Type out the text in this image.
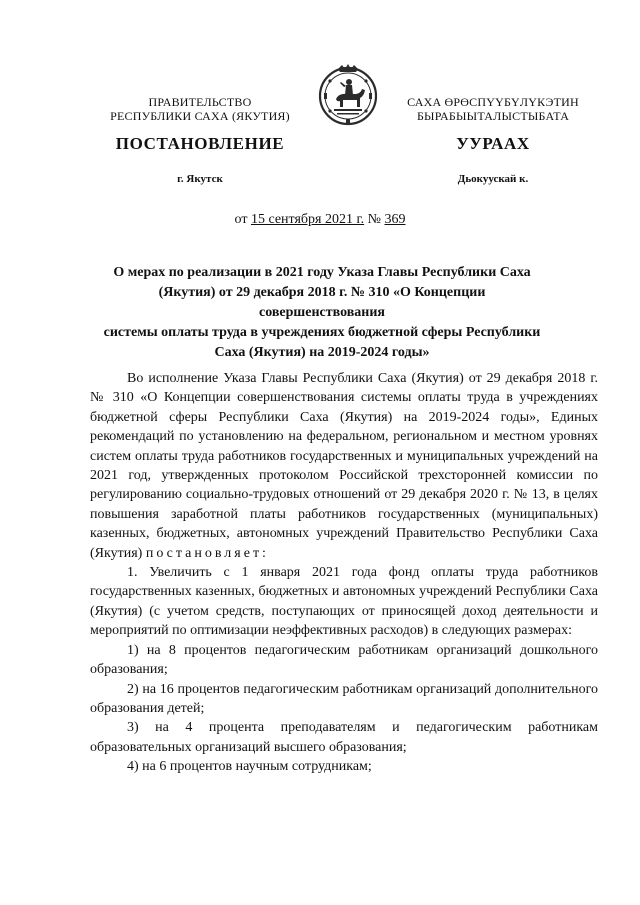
ПРАВИТЕЛЬСТВО
РЕСПУБЛИКИ САХА (ЯКУТИЯ)
САХА ӨРӨСПҮҮБҮЛҮКЭТИН
БЫРАБЫЫТАЛЫСТЫБАТА
ПОСТАНОВЛЕНИЕ	УУРААХ
г. Якутск	Дьокуускай к.
от 15 сентября 2021 г. № 369
О мерах по реализации в 2021 году Указа Главы Республики Саха
(Якутия) от 29 декабря 2018 г. № 310 «О Концепции совершенствования
системы оплаты труда в учреждениях бюджетной сферы Республики
Саха (Якутия) на 2019-2024 годы»

Во исполнение Указа Главы Республики Саха (Якутия) от 29 декабря 2018 г. № 310 «О Концепции совершенствования системы оплаты труда в учреждениях бюджетной сферы Республики Саха (Якутия) на 2019-2024 годы», Единых рекомендаций по установлению на федеральном, региональном и местном уровнях систем оплаты труда работников государственных и муниципальных учреждений на 2021 год, утвержденных протоколом Российской трехсторонней комиссии по регулированию социально-трудовых отношений от 29 декабря 2020 г. № 13, в целях повышения заработной платы работников государственных (муниципальных) казенных, бюджетных, автономных учреждений Правительство Республики Саха (Якутия) постановляет:

1. Увеличить с 1 января 2021 года фонд оплаты труда работников государственных казенных, бюджетных и автономных учреждений Республики Саха (Якутия) (с учетом средств, поступающих от приносящей доход деятельности и мероприятий по оптимизации неэффективных расходов) в следующих размерах:

1) на 8 процентов педагогическим работникам организаций дошкольного образования;

2) на 16 процентов педагогическим работникам организаций дополнительного образования детей;

3) на 4 процента преподавателям и педагогическим работникам образовательных организаций высшего образования;

4) на 6 процентов научным сотрудникам;
